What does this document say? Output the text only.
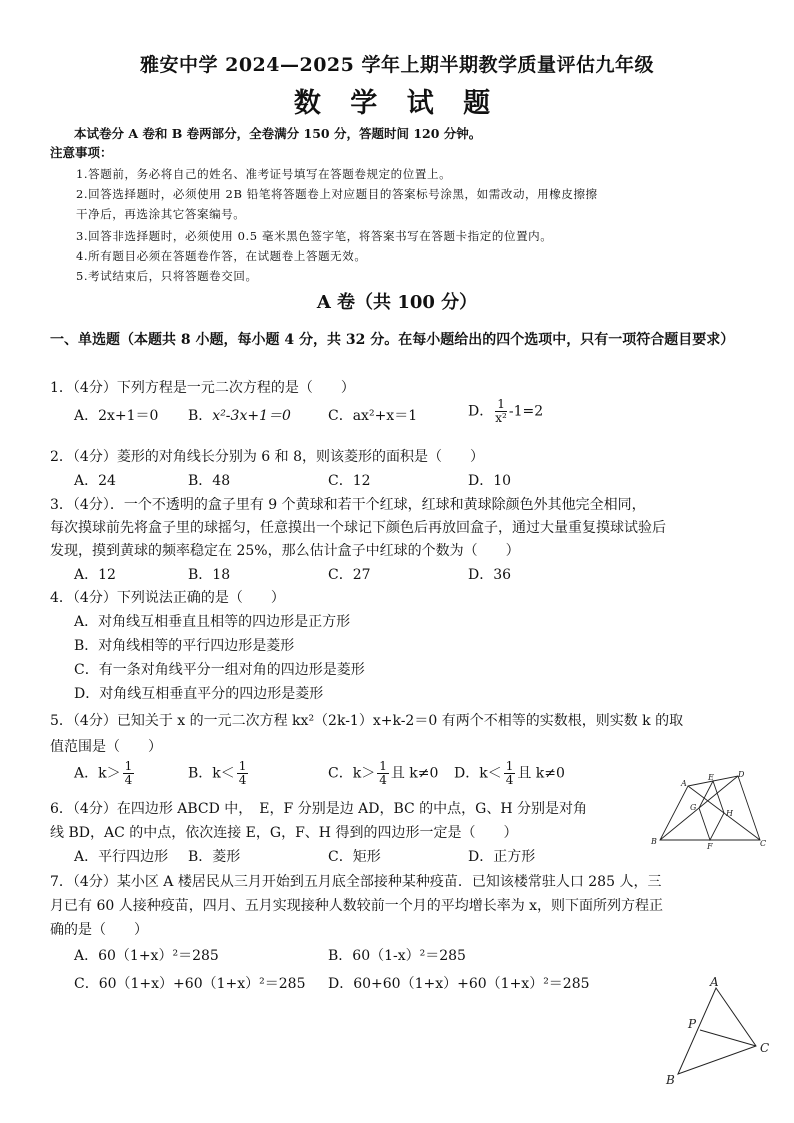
雅安中学 2024—2025 学年上期半期教学质量评估九年级
数 学 试 题
本试卷分 A 卷和 B 卷两部分，全卷满分 150 分，答题时间 120 分钟。
注意事项：
1.答题前，务必将自己的姓名、准考证号填写在答题卷规定的位置上。
2.回答选择题时，必须使用 2B 铅笔将答题卷上对应题目的答案标号涂黑，如需改动，用橡皮擦擦
干净后，再选涂其它答案编号。
3.回答非选择题时，必须使用 0.5 毫米黑色签字笔，将答案书写在答题卡指定的位置内。
4.所有题目必须在答题卷作答，在试题卷上答题无效。
5.考试结束后，只将答题卷交回。
A 卷（共 100 分）
一、单选题（本题共 8 小题，每小题 4 分，共 32 分。在每小题给出的四个选项中，只有一项符合题目要求）
1．（4分）下列方程是一元二次方程的是（　　）
A．2x+1＝0 B．x²-3x+1＝0	C．ax²+x＝1	D． $\frac{1}{\text{x²}} -1=2$
2．（4分）菱形的对角线长分别为 6 和 8，则该菱形的面积是（　　）
A．24	B．48	C．12	D．10
3．（4分）．一个不透明的盒子里有 9 个黄球和若干个红球，红球和黄球除颜色外其他完全相同，
每次摸球前先将盒子里的球摇匀，任意摸出一个球记下颜色后再放回盒子，通过大量重复摸球试验后
发现，摸到黄球的频率稳定在 25%，那么估计盒子中红球的个数为（　　）
A．12	B．18	C．27	D．36
4．（4分）下列说法正确的是（　　）
A．对角线互相垂直且相等的四边形是正方形
B．对角线相等的平行四边形是菱形
C．有一条对角线平分一组对角的四边形是菱形
D．对角线互相垂直平分的四边形是菱形
5．（4分）已知关于 x 的一元二次方程 kx²（2k-1）x+k-2＝0 有两个不相等的实数根，则实数 k 的取
值范围是（　　）
A．$k> \frac{1}{4}$	B．$k< \frac{1}{4}$	C．$k> \frac{1}{4}$ 且 k≠0 D．$k< \frac{1}{4}$ 且 k≠0
6．（4分）在四边形 ABCD 中，　E，F 分别是边 AD，BC 的中点，G、H 分别是对角
线 BD，AC 的中点，依次连接 E，G，F、H 得到的四边形一定是（　　）
A．平行四边形 B．菱形	C．矩形	D．正方形
7．（4分）某小区 A 楼居民从三月开始到五月底全部接种某种疫苗．已知该楼常驻人口 285 人，三
月已有 60 人接种疫苗，四月、五月实现接种人数较前一个月的平均增长率为 x，则下面所列方程正
确的是（　　）
A．60（1+x）²＝285	B．60（1-x）²＝285
C．60（1+x）+60（1+x）²＝285 D．60+60（1+x）+60（1+x）²＝285
A
B	C
D
E
F
G
H
A
B
C
P
